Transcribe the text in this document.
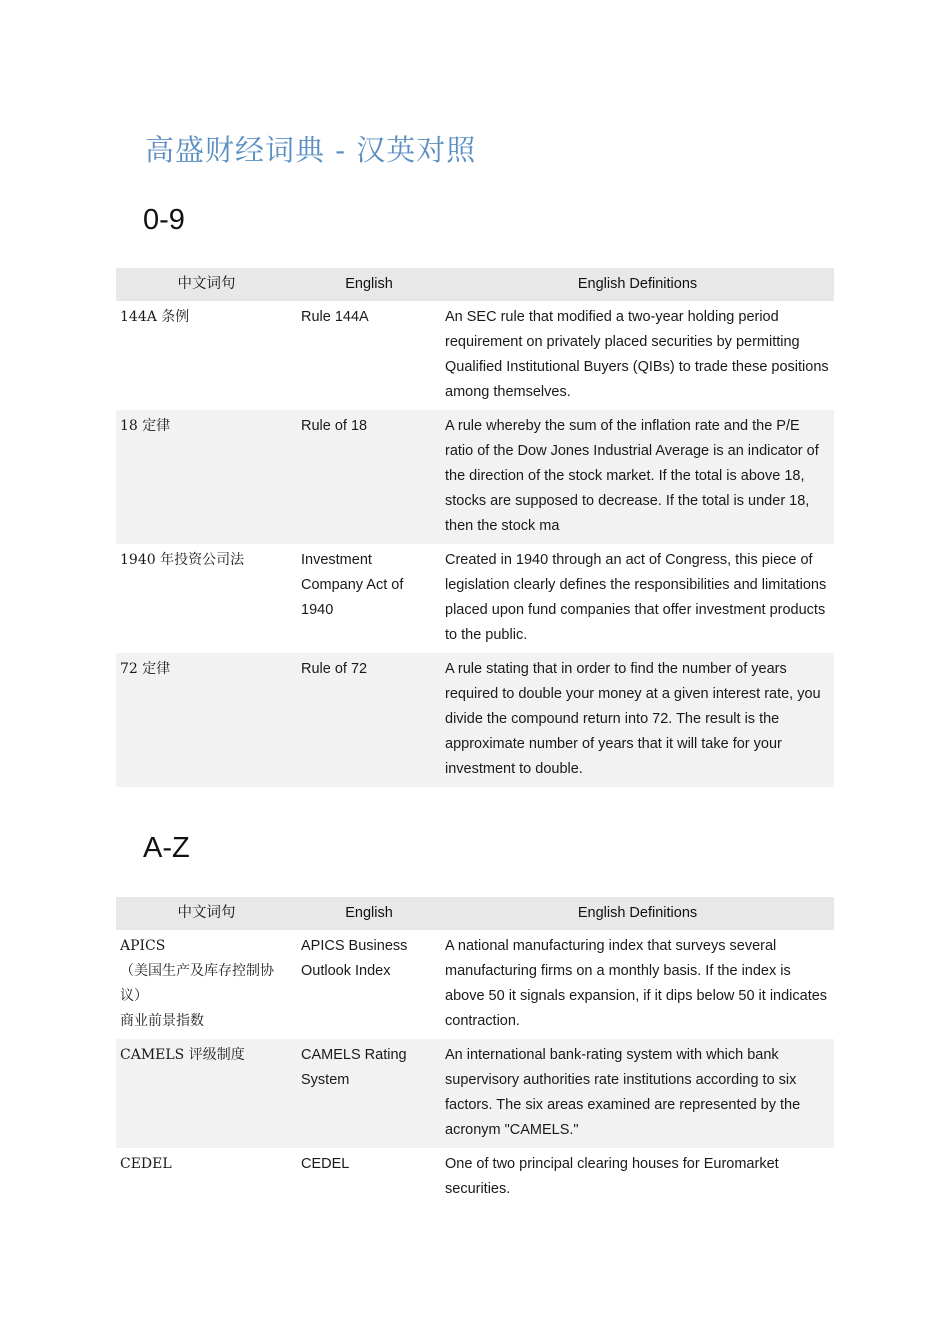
高盛财经词典 - 汉英对照
0-9
中文词句	English	English Definitions

144A 条例	Rule 144A	An SEC rule that modified a two-year holding period requirement on privately placed securities by permitting Qualified Institutional Buyers (QIBs) to trade these positions among themselves.

18 定律	Rule of 18	A rule whereby the sum of the inflation rate and the P/E ratio of the Dow Jones Industrial Average is an indicator of the direction of the stock market. If the total is above 18, stocks are supposed to decrease. If the total is under 18, then the stock ma

1940 年投资公司法	Investment Company Act of 1940	Created in 1940 through an act of Congress, this piece of legislation clearly defines the responsibilities and limitations placed upon fund companies that offer investment products to the public.

72 定律	Rule of 72	A rule stating that in order to find the number of years required to double your money at a given interest rate, you divide the compound return into 72. The result is the approximate number of years that it will take for your investment to double.
A-Z
中文词句	English	English Definitions

APICS
（美国生产及库存控制协议）
商业前景指数	APICS Business Outlook Index	A national manufacturing index that surveys several manufacturing firms on a monthly basis. If the index is above 50 it signals expansion, if it dips below 50 it indicates contraction.

CAMELS 评级制度	CAMELS Rating System	An international bank-rating system with which bank supervisory authorities rate institutions according to six factors. The six areas examined are represented by the acronym "CAMELS."

CEDEL	CEDEL	One of two principal clearing houses for Euromarket securities.
